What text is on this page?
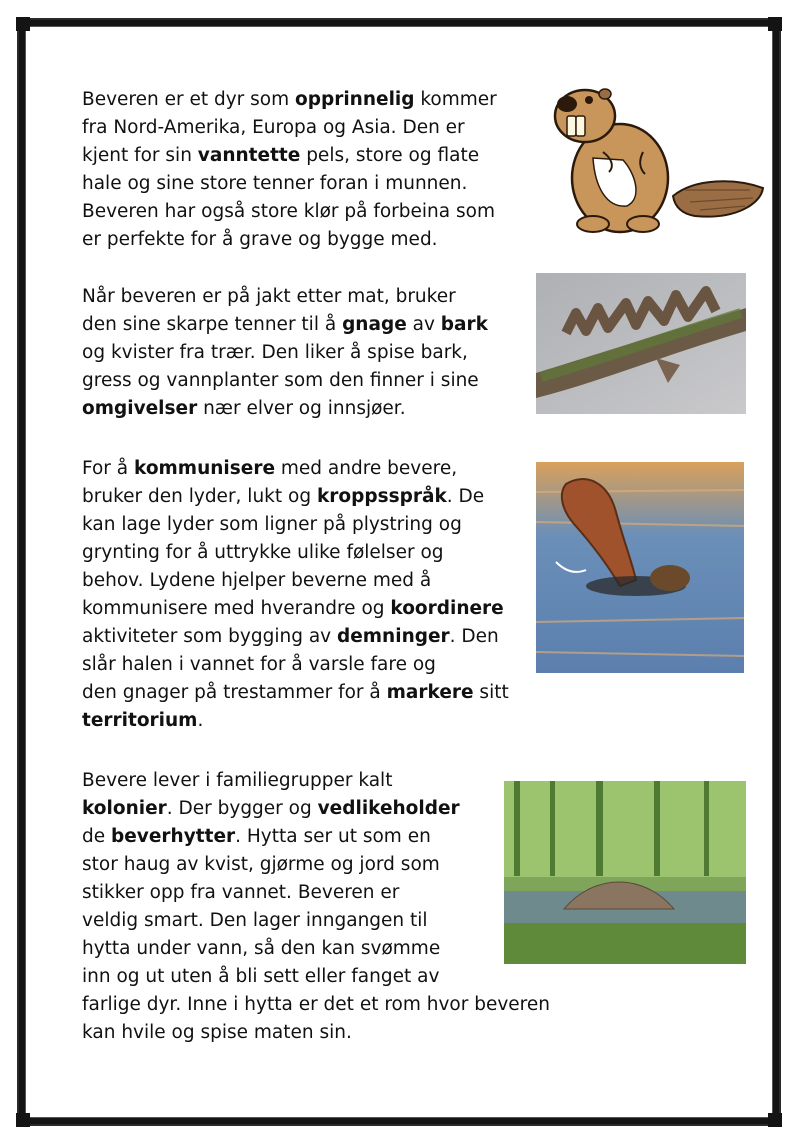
Beveren er et dyr som opprinnelig kommer
fra Nord-Amerika, Europa og Asia. Den er
kjent for sin vanntette pels, store og flate
hale og sine store tenner foran i munnen.
Beveren har også store klør på forbeina som
er perfekte for å grave og bygge med.

Når beveren er på jakt etter mat, bruker
den sine skarpe tenner til å gnage av bark
og kvister fra trær. Den liker å spise bark,
gress og vannplanter som den finner i sine
omgivelser nær elver og innsjøer.

For å kommunisere med andre bevere,
bruker den lyder, lukt og kroppsspråk. De
kan lage lyder som ligner på plystring og
grynting for å uttrykke ulike følelser og
behov. Lydene hjelper beverne med å
kommunisere med hverandre og koordinere
aktiviteter som bygging av demninger. Den
slår halen i vannet for å varsle fare og
den gnager på trestammer for å markere sitt
territorium.

Bevere lever i familiegrupper kalt
kolonier. Der bygger og vedlikeholder
de beverhytter. Hytta ser ut som en
stor haug av kvist, gjørme og jord som
stikker opp fra vannet. Beveren er
veldig smart. Den lager inngangen til
hytta under vann, så den kan svømme
inn og ut uten å bli sett eller fanget av
farlige dyr. Inne i hytta er det et rom hvor beveren
kan hvile og spise maten sin.
